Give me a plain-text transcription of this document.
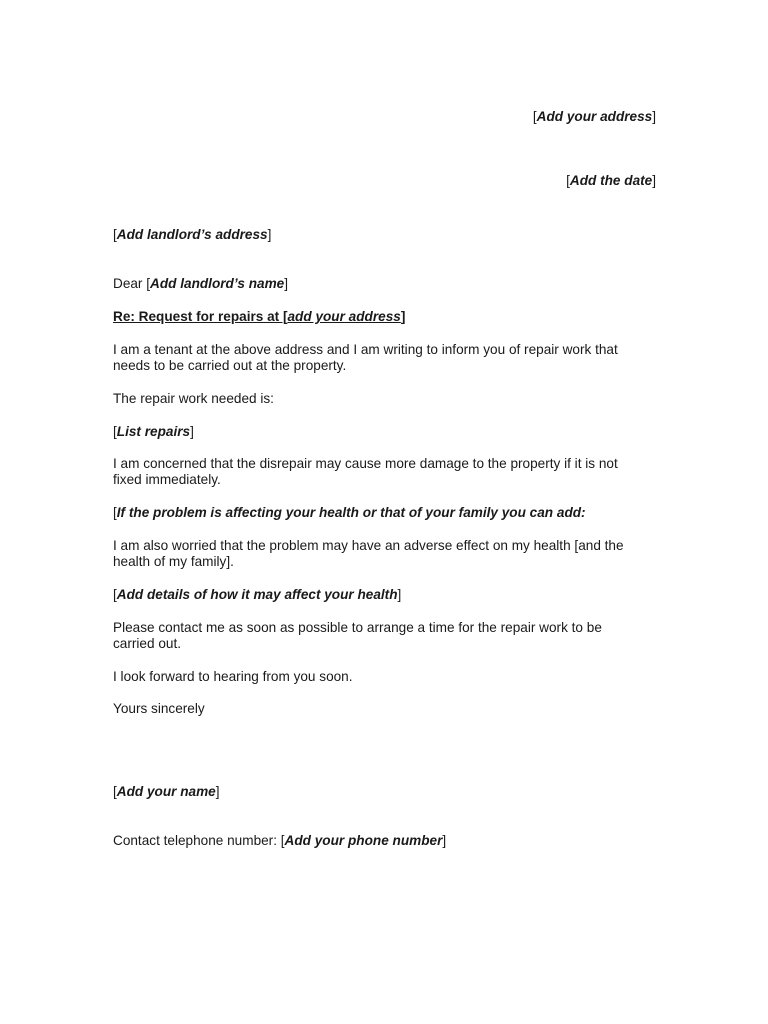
[Add your address]
[Add the date]
[Add landlord’s address]
Dear [Add landlord’s name]
Re: Request for repairs at [add your address]
I am a tenant at the above address and I am writing to inform you of repair work that
needs to be carried out at the property.
The repair work needed is:
[List repairs]
I am concerned that the disrepair may cause more damage to the property if it is not
fixed immediately.
[If the problem is affecting your health or that of your family you can add:
I am also worried that the problem may have an adverse effect on my health [and the
health of my family].
[Add details of how it may affect your health]
Please contact me as soon as possible to arrange a time for the repair work to be
carried out.
I look forward to hearing from you soon.
Yours sincerely
[Add your name]
Contact telephone number: [Add your phone number]
